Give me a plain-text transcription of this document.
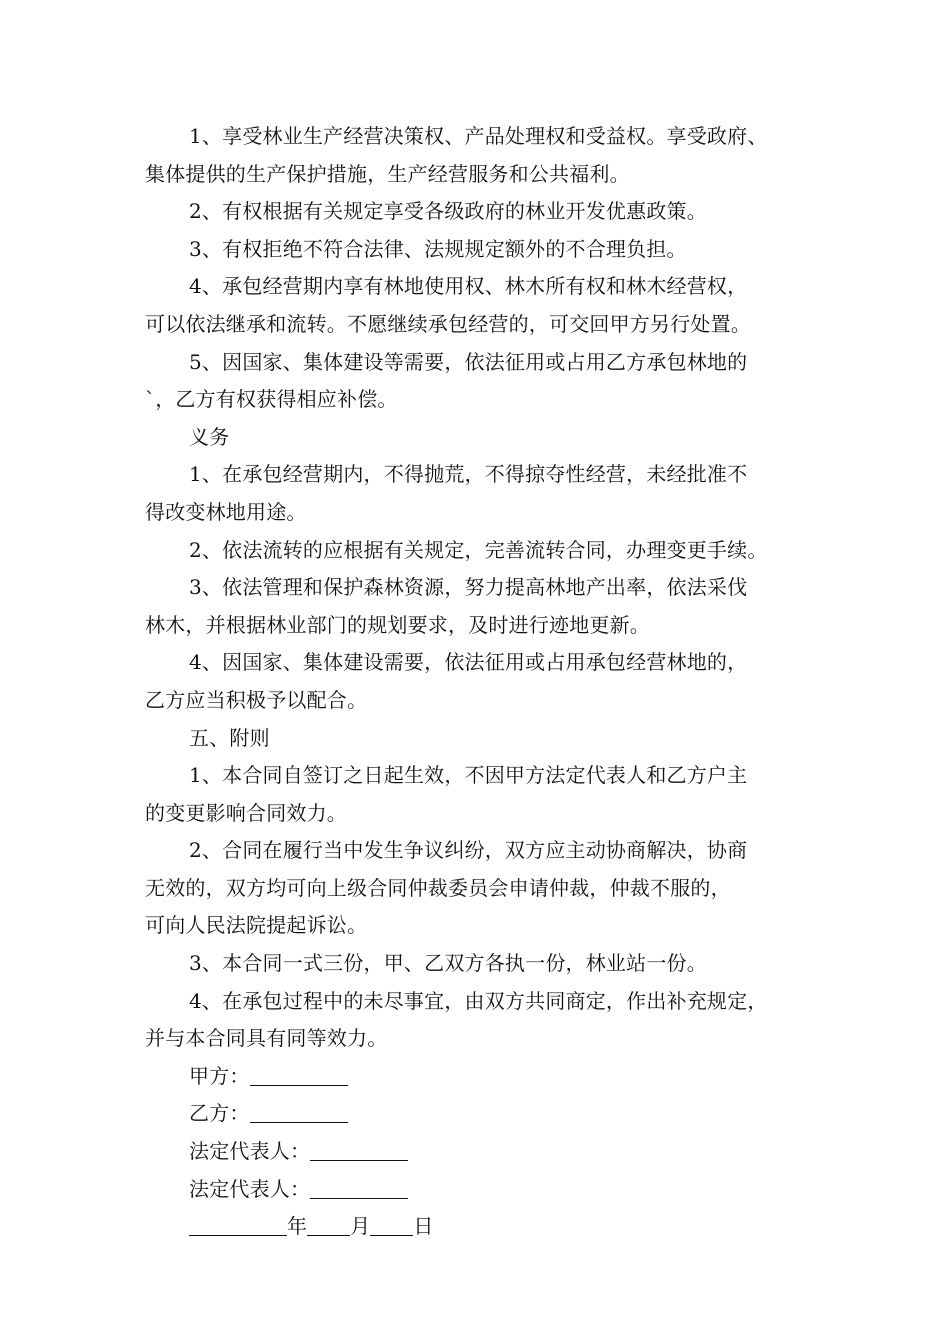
1、享受林业生产经营决策权、产品处理权和受益权。享受政府、
集体提供的生产保护措施，生产经营服务和公共福利。
2、有权根据有关规定享受各级政府的林业开发优惠政策。
3、有权拒绝不符合法律、法规规定额外的不合理负担。
4、承包经营期内享有林地使用权、林木所有权和林木经营权，
可以依法继承和流转。不愿继续承包经营的，可交回甲方另行处置。
5、因国家、集体建设等需要，依法征用或占用乙方承包林地的
`，乙方有权获得相应补偿。
义务
1、在承包经营期内，不得抛荒，不得掠夺性经营，未经批准不
得改变林地用途。
2、依法流转的应根据有关规定，完善流转合同，办理变更手续。
3、依法管理和保护森林资源，努力提高林地产出率，依法采伐
林木，并根据林业部门的规划要求，及时进行迹地更新。
4、因国家、集体建设需要，依法征用或占用承包经营林地的，
乙方应当积极予以配合。
五、附则
1、本合同自签订之日起生效，不因甲方法定代表人和乙方户主
的变更影响合同效力。
2、合同在履行当中发生争议纠纷，双方应主动协商解决，协商
无效的，双方均可向上级合同仲裁委员会申请仲裁，仲裁不服的，
可向人民法院提起诉讼。
3、本合同一式三份，甲、乙双方各执一份，林业站一份。
4、在承包过程中的未尽事宜，由双方共同商定，作出补充规定，
并与本合同具有同等效力。
甲方：
乙方：
法定代表人：
法定代表人：
年 月 日
